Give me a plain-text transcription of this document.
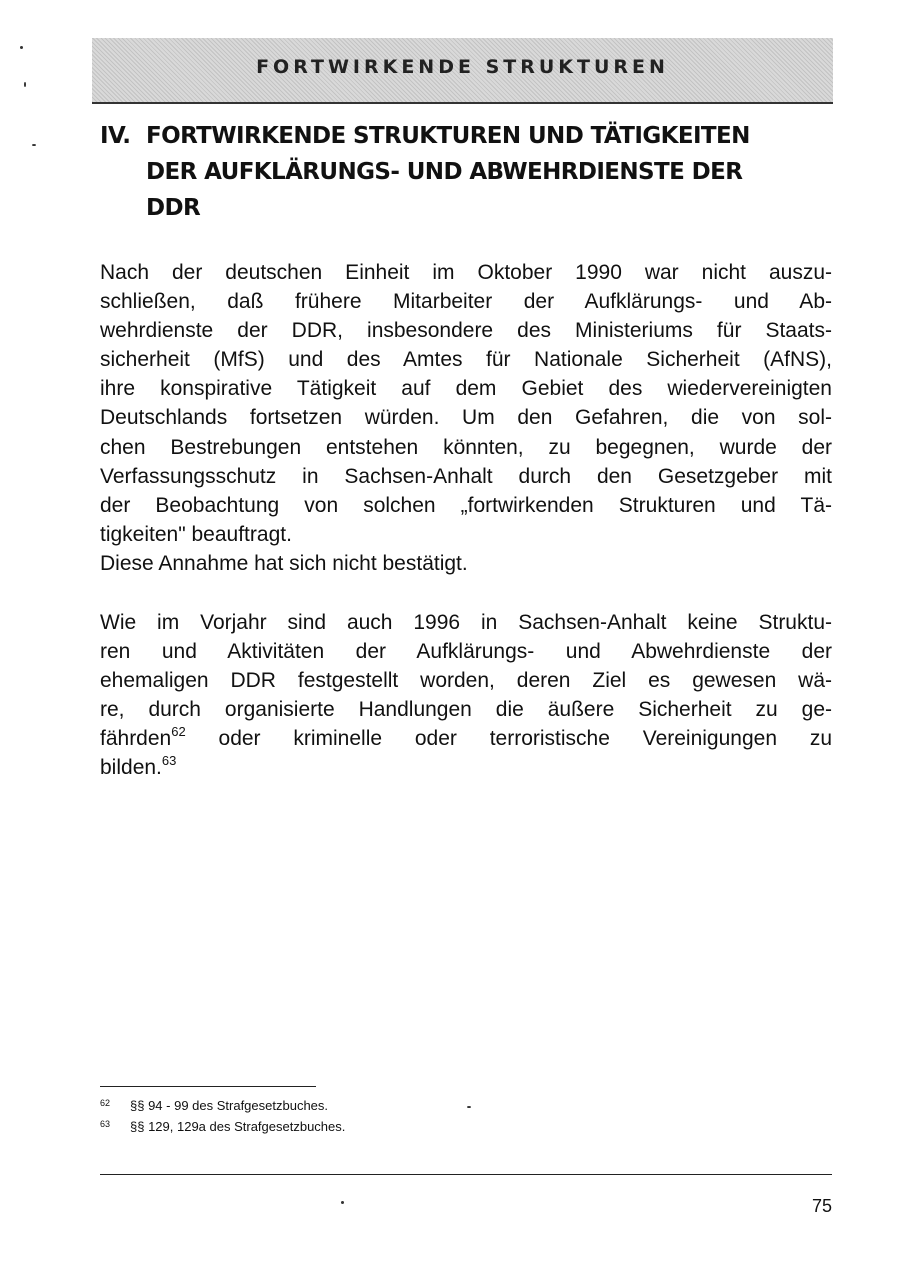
FORTWIRKENDE STRUKTUREN
IV. FORTWIRKENDE STRUKTUREN UND TÄTIGKEITEN
DER AUFKLÄRUNGS- UND ABWEHRDIENSTE DER
DDR
Nach der deutschen Einheit im Oktober 1990 war nicht auszu-
schließen, daß frühere Mitarbeiter der Aufklärungs- und Ab-
wehrdienste der DDR, insbesondere des Ministeriums für Staats-
sicherheit (MfS) und des Amtes für Nationale Sicherheit (AfNS),
ihre konspirative Tätigkeit auf dem Gebiet des wiedervereinigten
Deutschlands fortsetzen würden. Um den Gefahren, die von sol-
chen Bestrebungen entstehen könnten, zu begegnen, wurde der
Verfassungsschutz in Sachsen-Anhalt durch den Gesetzgeber mit
der Beobachtung von solchen „fortwirkenden Strukturen und Tä-
tigkeiten" beauftragt.
Diese Annahme hat sich nicht bestätigt.
Wie im Vorjahr sind auch 1996 in Sachsen-Anhalt keine Struktu-
ren und Aktivitäten der Aufklärungs- und Abwehrdienste der
ehemaligen DDR festgestellt worden, deren Ziel es gewesen wä-
re, durch organisierte Handlungen die äußere Sicherheit zu ge-
fährden$^{62}$ oder kriminelle oder terroristische Vereinigungen zu
bilden.$^{63}$
62 §§ 94 - 99 des Strafgesetzbuches.
63 §§ 129, 129a des Strafgesetzbuches.
75
